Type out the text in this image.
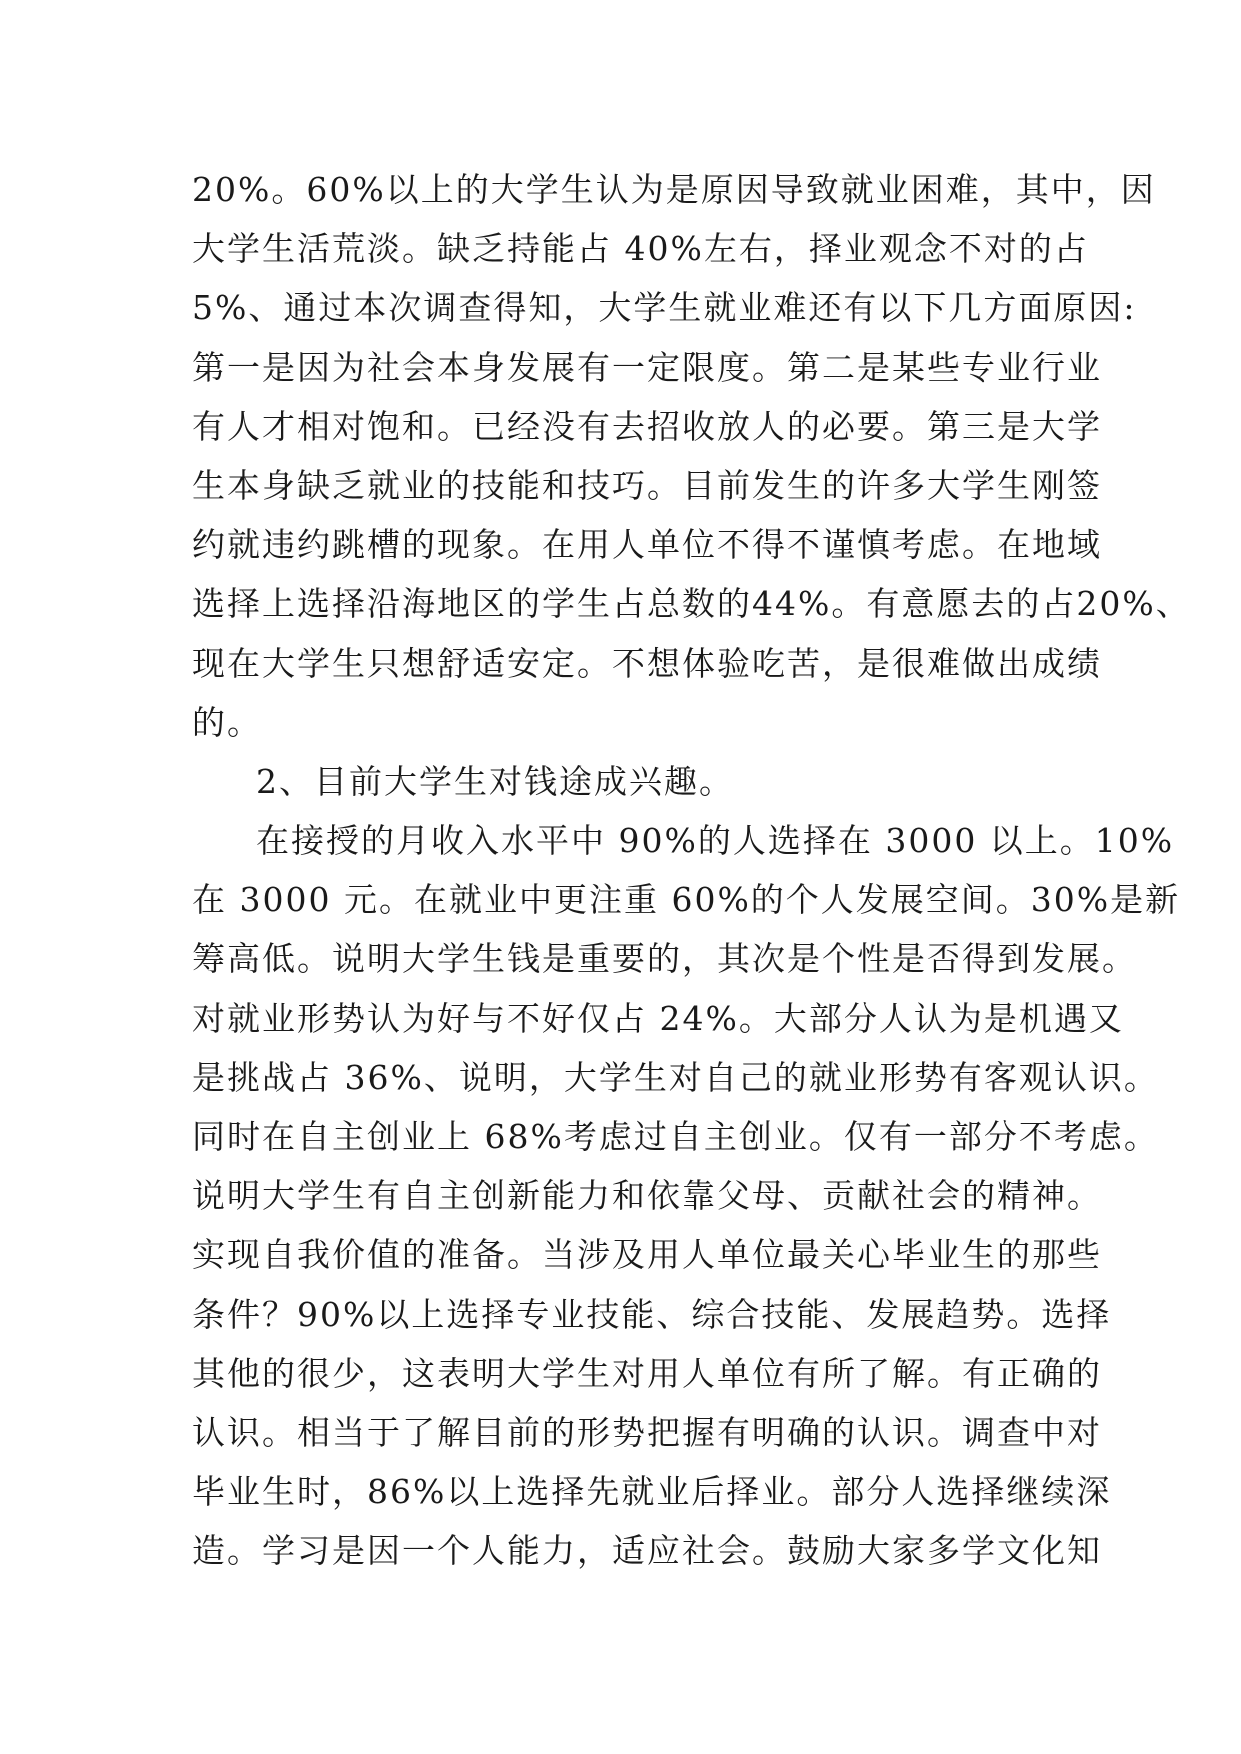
20%。60%以上的大学生认为是原因导致就业困难，其中，因
大学生活荒淡。缺乏持能占 40%左右，择业观念不对的占
5%、通过本次调查得知，大学生就业难还有以下几方面原因:
第一是因为社会本身发展有一定限度。第二是某些专业行业
有人才相对饱和。已经没有去招收放人的必要。第三是大学
生本身缺乏就业的技能和技巧。目前发生的许多大学生刚签
约就违约跳槽的现象。在用人单位不得不谨慎考虑。在地域
选择上选择沿海地区的学生占总数的44%。有意愿去的占20%、
现在大学生只想舒适安定。不想体验吃苦，是很难做出成绩
的。
2、目前大学生对钱途成兴趣。
在接授的月收入水平中 90%的人选择在 3000 以上。10%
在 3000 元。在就业中更注重 60%的个人发展空间。30%是新
筹高低。说明大学生钱是重要的，其次是个性是否得到发展。
对就业形势认为好与不好仅占 24%。大部分人认为是机遇又
是挑战占 36%、说明，大学生对自己的就业形势有客观认识。
同时在自主创业上 68%考虑过自主创业。仅有一部分不考虑。
说明大学生有自主创新能力和依靠父母、贡献社会的精神。
实现自我价值的准备。当涉及用人单位最关心毕业生的那些
条件？90%以上选择专业技能、综合技能、发展趋势。选择
其他的很少，这表明大学生对用人单位有所了解。有正确的
认识。相当于了解目前的形势把握有明确的认识。调查中对
毕业生时，86%以上选择先就业后择业。部分人选择继续深
造。学习是因一个人能力，适应社会。鼓励大家多学文化知
